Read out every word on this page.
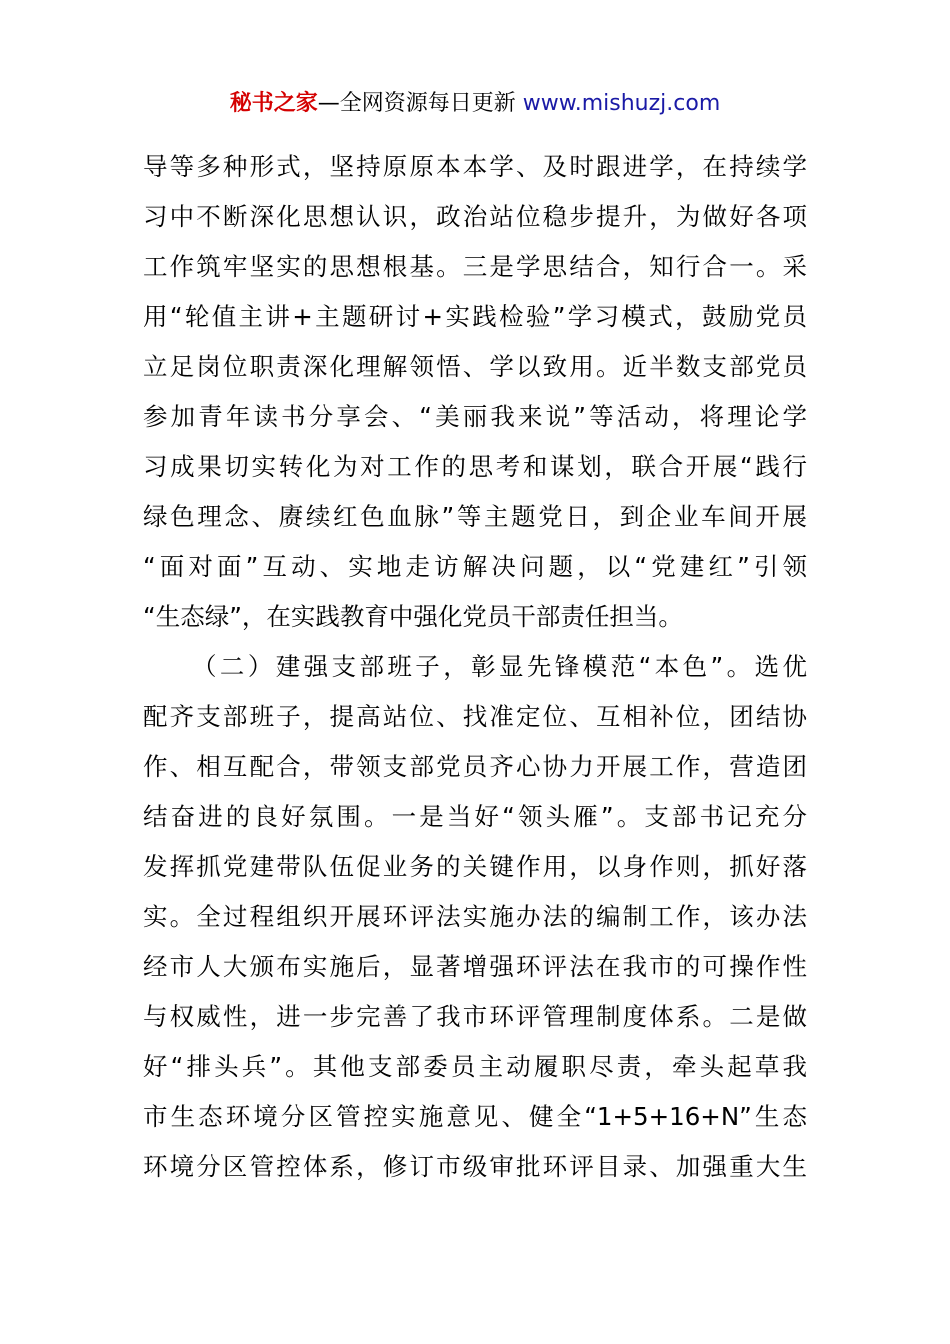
秘书之家—全网资源每日更新 www.mishuzj.com
导等多种形式，坚持原原本本学、及时跟进学，在持续学
习中不断深化思想认识，政治站位稳步提升，为做好各项
工作筑牢坚实的思想根基。三是学思结合，知行合一。采
用“轮值主讲+主题研讨+实践检验”学习模式，鼓励党员
立足岗位职责深化理解领悟、学以致用。近半数支部党员
参加青年读书分享会、“美丽我来说”等活动，将理论学
习成果切实转化为对工作的思考和谋划，联合开展“践行
绿色理念、赓续红色血脉”等主题党日，到企业车间开展
“面对面”互动、实地走访解决问题，以“党建红”引领
“生态绿”，在实践教育中强化党员干部责任担当。
（二）建强支部班子，彰显先锋模范“本色”。选优
配齐支部班子，提高站位、找准定位、互相补位，团结协
作、相互配合，带领支部党员齐心协力开展工作，营造团
结奋进的良好氛围。一是当好“领头雁”。支部书记充分
发挥抓党建带队伍促业务的关键作用，以身作则，抓好落
实。全过程组织开展环评法实施办法的编制工作，该办法
经市人大颁布实施后，显著增强环评法在我市的可操作性
与权威性，进一步完善了我市环评管理制度体系。二是做
好“排头兵”。其他支部委员主动履职尽责，牵头起草我
市生态环境分区管控实施意见、健全“1+5+16+N”生态
环境分区管控体系，修订市级审批环评目录、加强重大生
